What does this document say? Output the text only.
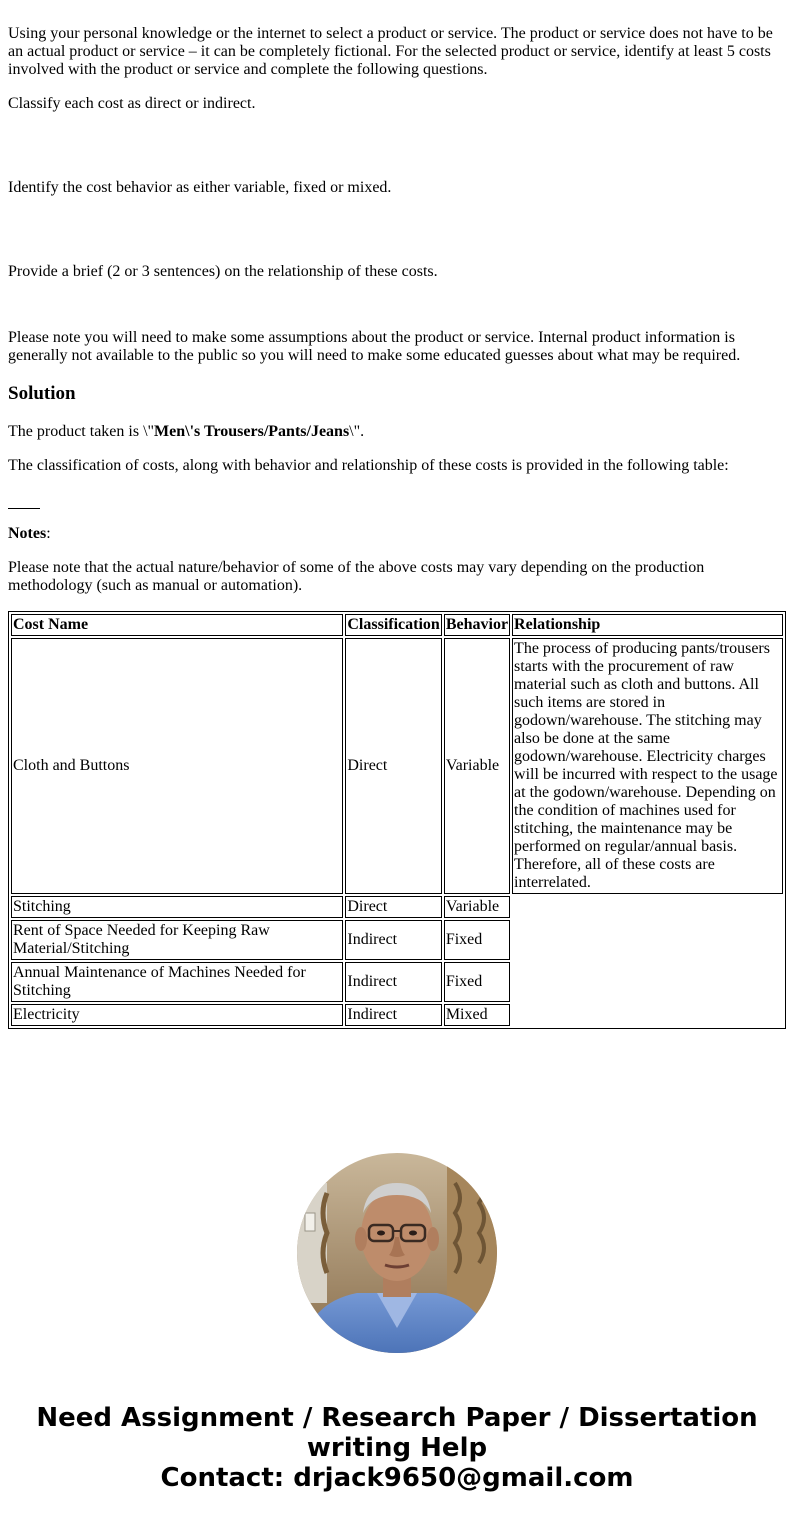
Using your personal knowledge or the internet to select a product or service. The product or service does not have to be an actual product or service – it can be completely fictional. For the selected product or service, identify at least 5 costs involved with the product or service and complete the following questions.

Classify each cost as direct or indirect.

Identify the cost behavior as either variable, fixed or mixed.

Provide a brief (2 or 3 sentences) on the relationship of these costs.

Please note you will need to make some assumptions about the product or service. Internal product information is generally not available to the public so you will need to make some educated guesses about what may be required.

Solution

The product taken is \"Men\'s Trousers/Pants/Jeans\".

The classification of costs, along with behavior and relationship of these costs is provided in the following table:

Notes:

Please note that the actual nature/behavior of some of the above costs may vary depending on the production methodology (such as manual or automation).

Cost Name	Classification	Behavior	Relationship
Cloth and Buttons	Direct	Variable	The process of producing pants/trousers starts with the procurement of raw material such as cloth and buttons. All such items are stored in godown/warehouse. The stitching may also be done at the same godown/warehouse. Electricity charges will be incurred with respect to the usage at the godown/warehouse. Depending on the condition of machines used for stitching, the maintenance may be performed on regular/annual basis. Therefore, all of these costs are interrelated.
Stitching	Direct	Variable	
Rent of Space Needed for Keeping Raw Material/Stitching	Indirect	Fixed	
Annual Maintenance of Machines Needed for Stitching	Indirect	Fixed	
Electricity	Indirect	Mixed	
Need Assignment / Research Paper / Dissertation
writing Help
Contact: drjack9650@gmail.com
